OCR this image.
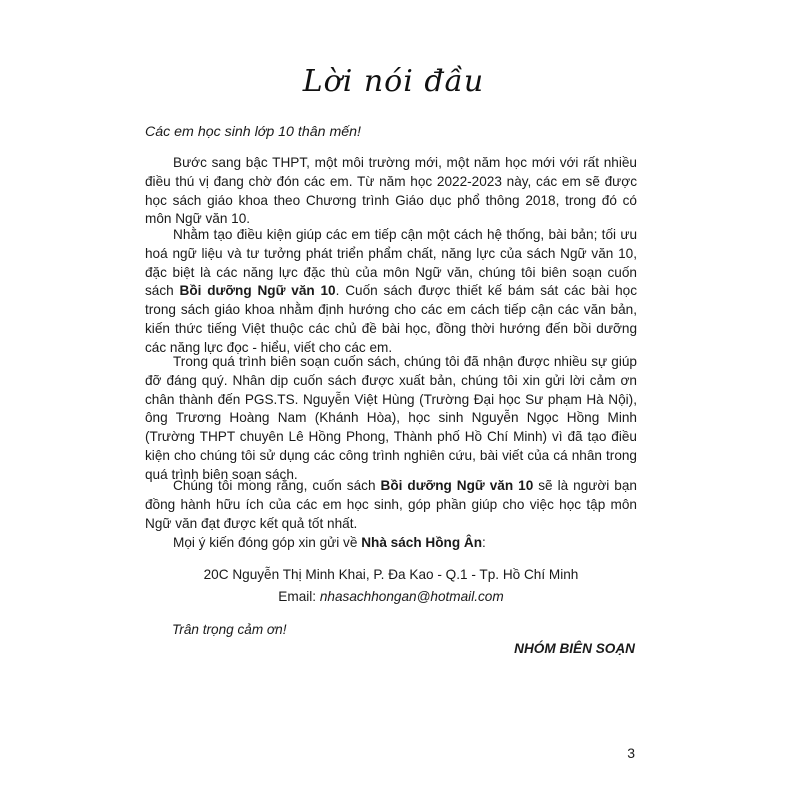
Lời nói đầu
Các em học sinh lớp 10 thân mến!
Bước sang bậc THPT, một môi trường mới, một năm học mới với rất nhiều điều thú vị đang chờ đón các em. Từ năm học 2022-2023 này, các em sẽ được học sách giáo khoa theo Chương trình Giáo dục phổ thông 2018, trong đó có môn Ngữ văn 10.
Nhằm tạo điều kiện giúp các em tiếp cận một cách hệ thống, bài bản; tối ưu hoá ngữ liệu và tư tưởng phát triển phẩm chất, năng lực của sách Ngữ văn 10, đặc biệt là các năng lực đặc thù của môn Ngữ văn, chúng tôi biên soạn cuốn sách Bồi dưỡng Ngữ văn 10. Cuốn sách được thiết kế bám sát các bài học trong sách giáo khoa nhằm định hướng cho các em cách tiếp cận các văn bản, kiến thức tiếng Việt thuộc các chủ đề bài học, đồng thời hướng đến bồi dưỡng các năng lực đọc - hiểu, viết cho các em.
Trong quá trình biên soạn cuốn sách, chúng tôi đã nhận được nhiều sự giúp đỡ đáng quý. Nhân dịp cuốn sách được xuất bản, chúng tôi xin gửi lời cảm ơn chân thành đến PGS.TS. Nguyễn Việt Hùng (Trường Đại học Sư phạm Hà Nội), ông Trương Hoàng Nam (Khánh Hòa), học sinh Nguyễn Ngọc Hồng Minh (Trường THPT chuyên Lê Hồng Phong, Thành phố Hồ Chí Minh) vì đã tạo điều kiện cho chúng tôi sử dụng các công trình nghiên cứu, bài viết của cá nhân trong quá trình biên soạn sách.
Chúng tôi mong rằng, cuốn sách Bồi dưỡng Ngữ văn 10 sẽ là người bạn đồng hành hữu ích của các em học sinh, góp phần giúp cho việc học tập môn Ngữ văn đạt được kết quả tốt nhất.
Mọi ý kiến đóng góp xin gửi về Nhà sách Hồng Ân:
20C Nguyễn Thị Minh Khai, P. Đa Kao - Q.1 - Tp. Hồ Chí Minh
Email: nhasachhongan@hotmail.com
Trân trọng cảm ơn!
NHÓM BIÊN SOẠN
3
